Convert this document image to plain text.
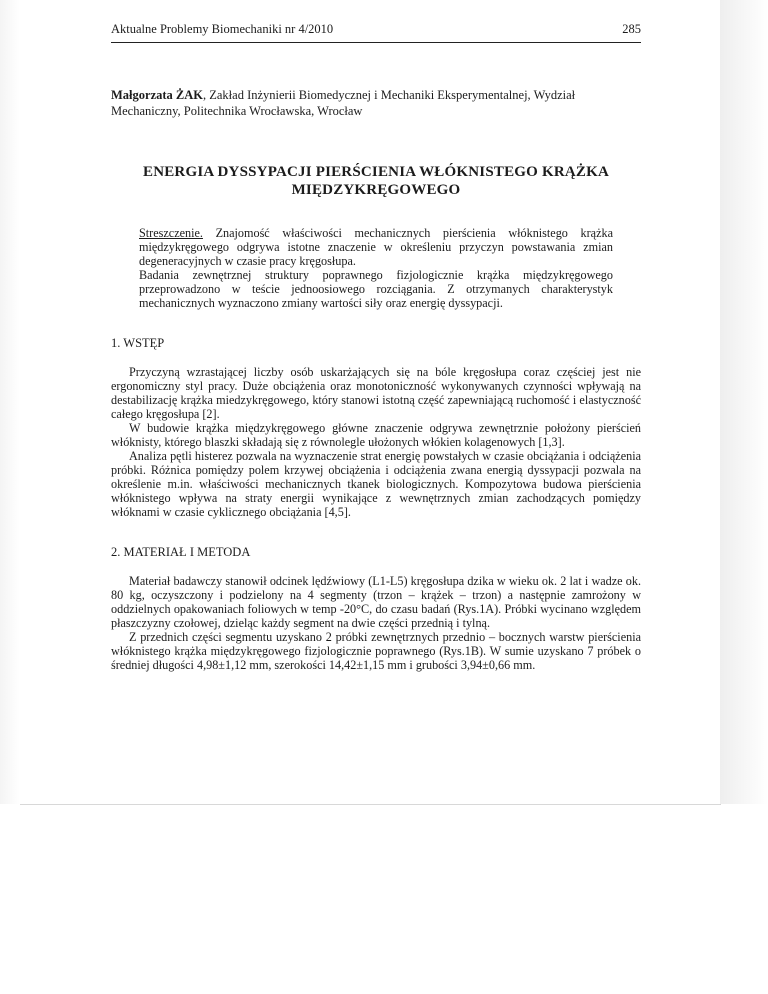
Aktualne Problemy Biomechaniki nr 4/2010	285
Małgorzata ŻAK, Zakład Inżynierii Biomedycznej i Mechaniki Eksperymentalnej, Wydział Mechaniczny, Politechnika Wrocławska, Wrocław
ENERGIA DYSSYPACJI PIERŚCIENIA WŁÓKNISTEGO KRĄŻKA MIĘDZYKRĘGOWEGO

Streszczenie. Znajomość właściwości mechanicznych pierścienia włóknistego krążka międzykręgowego odgrywa istotne znaczenie w określeniu przyczyn powstawania zmian degeneracyjnych w czasie pracy kręgosłupa.

Badania zewnętrznej struktury poprawnego fizjologicznie krążka międzykręgowego przeprowadzono w teście jednoosiowego rozciągania. Z otrzymanych charakterystyk mechanicznych wyznaczono zmiany wartości siły oraz energię dyssypacji.

1. WSTĘP

Przyczyną wzrastającej liczby osób uskarżających się na bóle kręgosłupa coraz częściej jest nie ergonomiczny styl pracy. Duże obciążenia oraz monotoniczność wykonywanych czynności wpływają na destabilizację krążka miedzykręgowego, który stanowi istotną część zapewniającą ruchomość i elastyczność całego kręgosłupa [2].

W budowie krążka międzykręgowego główne znaczenie odgrywa zewnętrznie położony pierścień włóknisty, którego blaszki składają się z równolegle ułożonych włókien kolagenowych [1,3].

Analiza pętli histerez pozwala na wyznaczenie strat energię powstałych w czasie obciążania i odciążenia próbki. Różnica pomiędzy polem krzywej obciążenia i odciążenia zwana energią dyssypacji pozwala na określenie m.in. właściwości mechanicznych tkanek biologicznych. Kompozytowa budowa pierścienia włóknistego wpływa na straty energii wynikające z wewnętrznych zmian zachodzących pomiędzy włóknami w czasie cyklicznego obciążania [4,5].

2. MATERIAŁ I METODA

Materiał badawczy stanowił odcinek lędźwiowy (L1-L5) kręgosłupa dzika w wieku ok. 2 lat i wadze ok. 80 kg, oczyszczony i podzielony na 4 segmenty (trzon – krążek – trzon) a następnie zamrożony w oddzielnych opakowaniach foliowych w temp -20°C, do czasu badań (Rys.1A). Próbki wycinano względem płaszczyzny czołowej, dzieląc każdy segment na dwie części przednią i tylną.

Z przednich części segmentu uzyskano 2 próbki zewnętrznych przednio – bocznych warstw pierścienia włóknistego krążka międzykręgowego fizjologicznie poprawnego (Rys.1B). W sumie uzyskano 7 próbek o średniej długości 4,98±1,12 mm, szerokości 14,42±1,15 mm i grubości 3,94±0,66 mm.
